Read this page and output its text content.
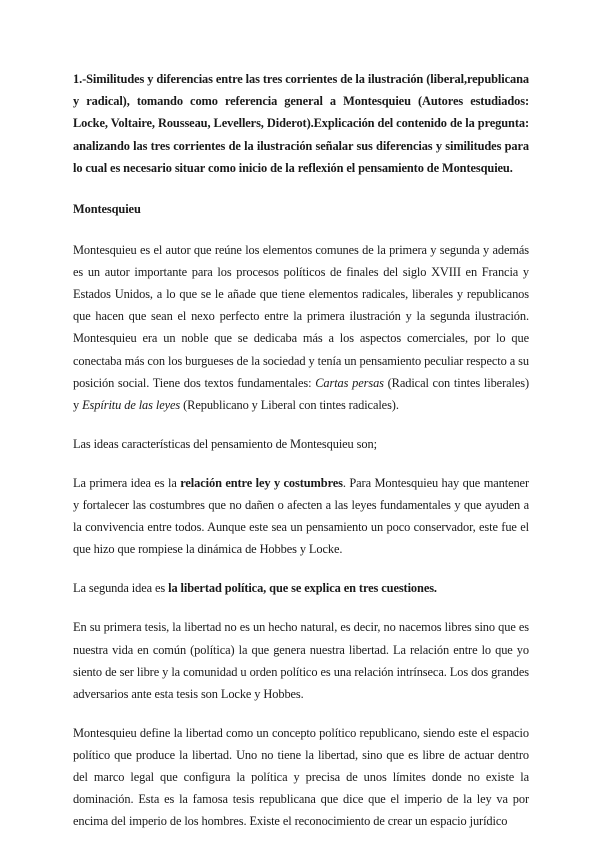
1.-Similitudes y diferencias entre las tres corrientes de la ilustración (liberal,republicana y radical), tomando como referencia general a Montesquieu (Autores estudiados: Locke, Voltaire, Rousseau, Levellers, Diderot).Explicación del contenido de la pregunta: analizando las tres corrientes de la ilustración señalar sus diferencias y similitudes para lo cual es necesario situar como inicio de la reflexión el pensamiento de Montesquieu.

Montesquieu

Montesquieu es el autor que reúne los elementos comunes de la primera y segunda y además es un autor importante para los procesos políticos de finales del siglo XVIII en Francia y Estados Unidos, a lo que se le añade que tiene elementos radicales, liberales y republicanos que hacen que sean el nexo perfecto entre la primera ilustración y la segunda ilustración. Montesquieu era un noble que se dedicaba más a los aspectos comerciales, por lo que conectaba más con los burgueses de la sociedad y tenía un pensamiento peculiar respecto a su posición social. Tiene dos textos fundamentales: Cartas persas (Radical con tintes liberales) y Espíritu de las leyes (Republicano y Liberal con tintes radicales).

Las ideas características del pensamiento de Montesquieu son;

La primera idea es la relación entre ley y costumbres. Para Montesquieu hay que mantener y fortalecer las costumbres que no dañen o afecten a las leyes fundamentales y que ayuden a la convivencia entre todos. Aunque este sea un pensamiento un poco conservador, este fue el que hizo que rompiese la dinámica de Hobbes y Locke.

La segunda idea es la libertad política, que se explica en tres cuestiones.

En su primera tesis, la libertad no es un hecho natural, es decir, no nacemos libres sino que es nuestra vida en común (política) la que genera nuestra libertad. La relación entre lo que yo siento de ser libre y la comunidad u orden político es una relación intrínseca. Los dos grandes adversarios ante esta tesis son Locke y Hobbes.

Montesquieu define la libertad como un concepto político republicano, siendo este el espacio político que produce la libertad. Uno no tiene la libertad, sino que es libre de actuar dentro del marco legal que configura la política y precisa de unos límites donde no existe la dominación. Esta es la famosa tesis republicana que dice que el imperio de la ley va por encima del imperio de los hombres. Existe el reconocimiento de crear un espacio jurídico
